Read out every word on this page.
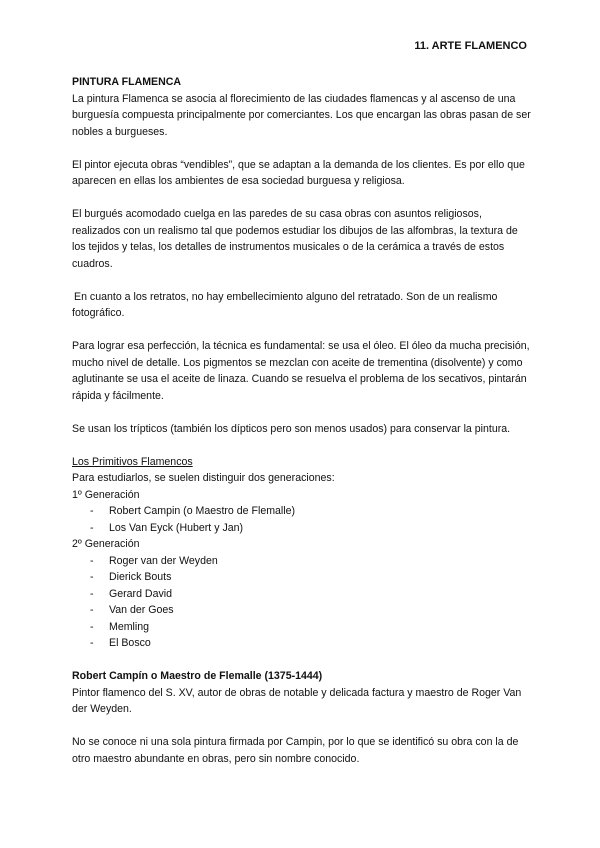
11. ARTE FLAMENCO

PINTURA FLAMENCA

La pintura Flamenca se asocia al florecimiento de las ciudades flamencas y al ascenso de una burguesía compuesta principalmente por comerciantes. Los que encargan las obras pasan de ser nobles a burgueses.

El pintor ejecuta obras “vendibles”, que se adaptan a la demanda de los clientes. Es por ello que aparecen en ellas los ambientes de esa sociedad burguesa y religiosa.

El burgués acomodado cuelga en las paredes de su casa obras con asuntos religiosos, realizados con un realismo tal que podemos estudiar los dibujos de las alfombras, la textura de los tejidos y telas, los detalles de instrumentos musicales o de la cerámica a través de estos cuadros.

En cuanto a los retratos, no hay embellecimiento alguno del retratado. Son de un realismo fotográfico.

Para lograr esa perfección, la técnica es fundamental: se usa el óleo. El óleo da mucha precisión, mucho nivel de detalle. Los pigmentos se mezclan con aceite de trementina (disolvente) y como aglutinante se usa el aceite de linaza. Cuando se resuelva el problema de los secativos, pintarán rápida y fácilmente.

Se usan los trípticos (también los dípticos pero son menos usados) para conservar la pintura.

Los Primitivos Flamencos

Para estudiarlos, se suelen distinguir dos generaciones:

1º Generación

- Robert Campin (o Maestro de Flemalle)
- Los Van Eyck (Hubert y Jan)

2º Generación

- Roger van der Weyden
- Dierick Bouts
- Gerard David
- Van der Goes
- Memling
- El Bosco

Robert Campín o Maestro de Flemalle (1375-1444)

Pintor flamenco del S. XV, autor de obras de notable y delicada factura y maestro de Roger Van der Weyden.

No se conoce ni una sola pintura firmada por Campin, por lo que se identificó su obra con la de otro maestro abundante en obras, pero sin nombre conocido.
